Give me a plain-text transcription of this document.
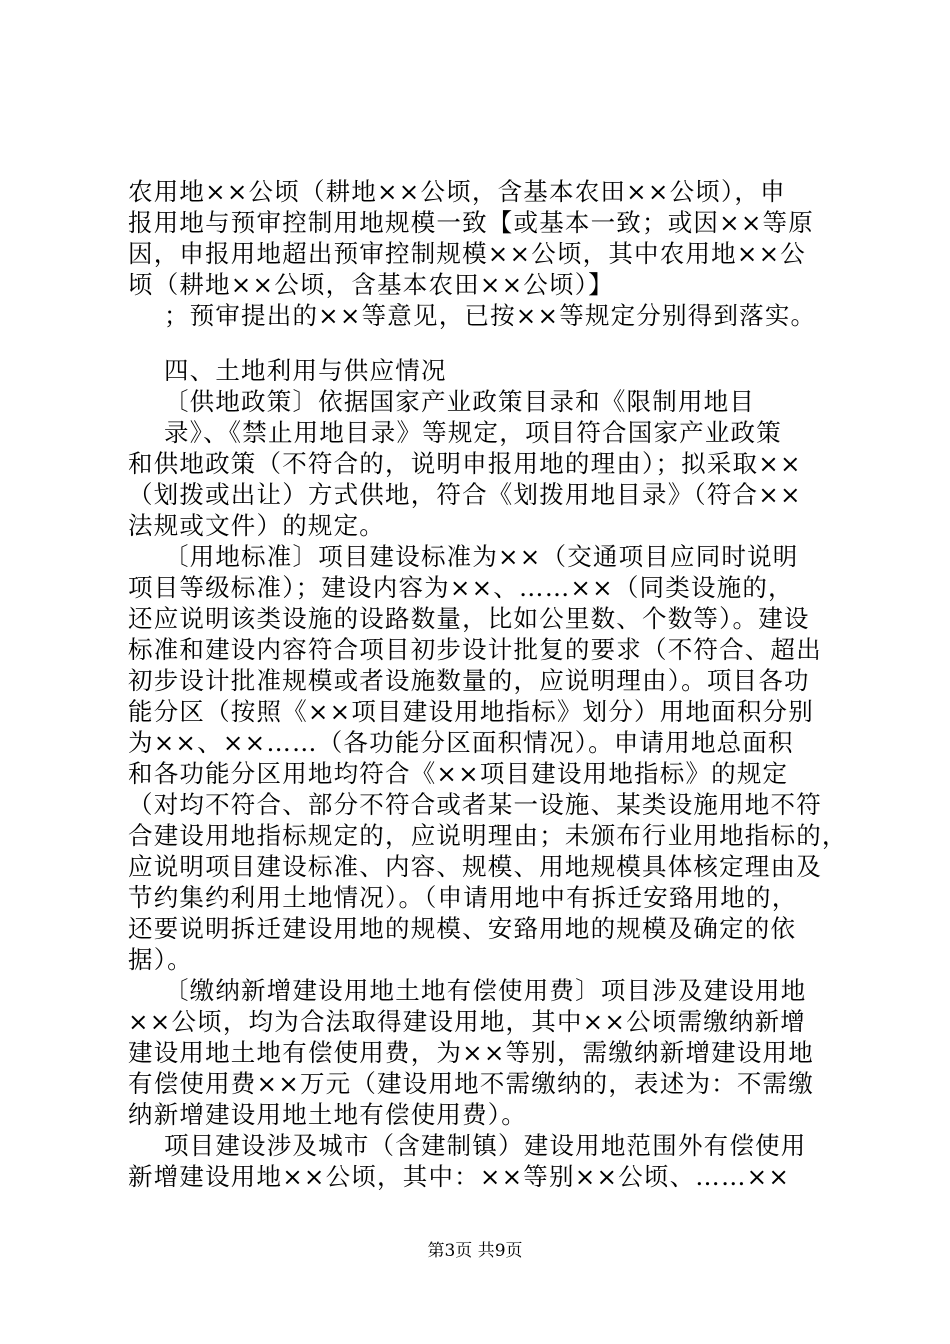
农用地××公顷（耕地××公顷，含基本农田××公顷），申
报用地与预审控制用地规模一致【或基本一致；或因××等原
因，申报用地超出预审控制规模××公顷，其中农用地××公
顷（耕地××公顷，含基本农田××公顷）】
；预审提出的××等意见，已按××等规定分别得到落实。
四、土地利用与供应情况
〔供地政策〕依据国家产业政策目录和《限制用地目
录》、《禁止用地目录》等规定，项目符合国家产业政策
和供地政策（不符合的，说明申报用地的理由）；拟采取××
（划拨或出让）方式供地，符合《划拨用地目录》（符合××
法规或文件）的规定。
〔用地标准〕项目建设标准为××（交通项目应同时说明
项目等级标准）；建设内容为××、……××（同类设施的，
还应说明该类设施的设路数量，比如公里数、个数等）。建设
标准和建设内容符合项目初步设计批复的要求（不符合、超出
初步设计批准规模或者设施数量的，应说明理由）。项目各功
能分区（按照《××项目建设用地指标》划分）用地面积分别
为××、××……（各功能分区面积情况）。申请用地总面积
和各功能分区用地均符合《××项目建设用地指标》的规定
（对均不符合、部分不符合或者某一设施、某类设施用地不符
合建设用地指标规定的，应说明理由；未颁布行业用地指标的，
应说明项目建设标准、内容、规模、用地规模具体核定理由及
节约集约利用土地情况）。（申请用地中有拆迁安臵用地的，
还要说明拆迁建设用地的规模、安臵用地的规模及确定的依
据）。
〔缴纳新增建设用地土地有偿使用费〕项目涉及建设用地
××公顷，均为合法取得建设用地，其中××公顷需缴纳新增
建设用地土地有偿使用费，为××等别，需缴纳新增建设用地
有偿使用费××万元（建设用地不需缴纳的，表述为：不需缴
纳新增建设用地土地有偿使用费）。
项目建设涉及城市（含建制镇）建设用地范围外有偿使用
新增建设用地××公顷，其中：××等别××公顷、……××
第3页 共9页
